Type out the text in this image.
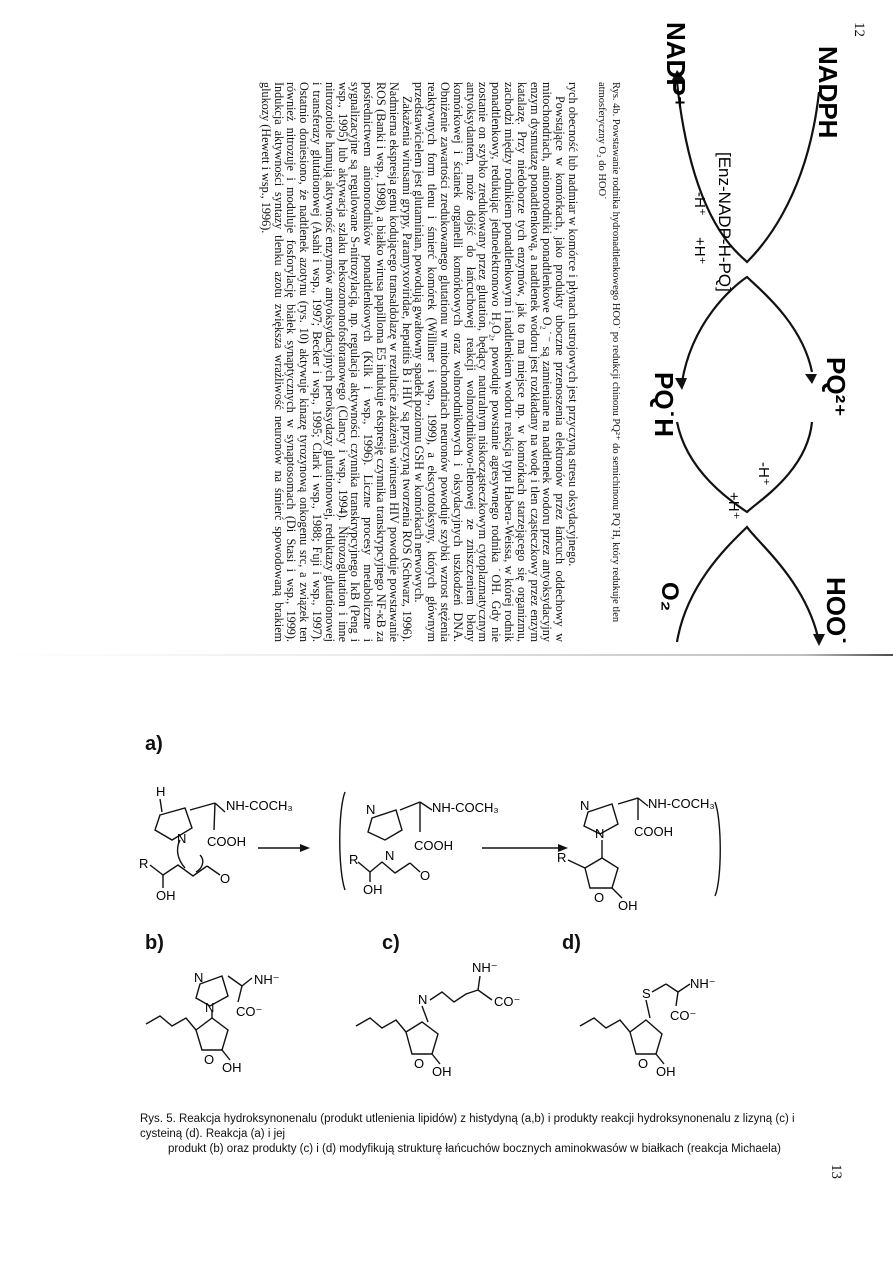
12
NADPH
NADP⁺
[Enz-NADP-H-PQ]
-H⁺
+H⁺
PQ²⁺
PQ˙H
-H⁺
+H⁺
HOO˙
O₂
Rys. 4b. Powstawanie rodnika hydronadtlenkowego HOO˙ po redukcji chinonu PQ²⁺ do semichinonu PQ˙H, który redukuje tlen atmosferyczny O₂ do HOO˙

rych obecność lub nadmiar w komórce i płynach ustrojowych jest przyczyną stresu oksydacyjnego.

Powstające w komórkach, jako produkty uboczne przenoszenia elektronów przez łańcuch oddechowy w mitochondriach, anionorodniki ponadtlenkowe O₂˙⁻ są zamieniane na nadtlenek wodoru przez antyoksydacyjny enzym dysmutazę ponadtlenkową, a nadtlenek wodoru jest rozkładany na wodę i tlen cząsteczkowy przez enzym katalazę. Przy niedoborze tych enzymów, jak to ma miejsce np. w komórkach starzejącego się organizmu, zachodzi między rodnikiem ponadtlenkowym i nadtlenkiem wodoru reakcja typu Habera-Weissa, w której rodnik ponadtlenkowy, redukując jednoelektronowo H₂O₂, powoduje powstanie agresywnego rodnika ˙OH. Gdy nie zostanie on szybko zredukowany przez glutation, będący naturalnym niskocząsteczkowym cytoplazmatycznym antyoksydantem, może dojść do łańcuchowej reakcji wolnorodnikowo-tlenowej ze zniszczeniem błony komórkowej i ścianek organelli komórkowych oraz wolnorodnikowych i oksydacyjnych uszkodzeń DNA. Obniżenie zawartości zredukowanego glutationu w mitochondriach neuronów powoduje szybki wzrost stężenia reaktywnych form tlenu i śmierć komórek (Williner i wsp., 1999), a ekscytotoksyny, których głównym przedstawicielem jest glutaminian, powodują gwałtowny spadek poziomu GSH w komórkach nerwowych.

Zakażenia wirusami grypy, Paramyxoviridae, hepatitis B i HIV są przyczyną tworzenia ROS (Schwarz, 1996). Nadmierna ekspresja genu kodującego transaldolazę w rezultacie zakażenia wirusem HIV powoduje powstawanie ROS (Banki i wsp., 1998), a białko wirusa papilloma E5 indukuje ekspresję czynnika transkrypcyjnego NF-κB za pośrednictwem anionorodników ponadtlenkowych (Kilk i wsp., 1996). Liczne procesy metaboliczne i sygnalizacyjne są regulowane S-nitrozylacją, np. regulacja aktywności czynnika transkrypcyjnego IκB (Peng i wsp., 1995) lub aktywacja szlaku heksozomonofosforanowego (Clancy i wsp., 1994). Nitrozoglutation i inne nitrozotiole hamują aktywność enzymów antyoksydacyjnych peroksydazy glutationowej, reduktazy glutationowej i transferazy glutationowej (Asahi i wsp., 1997; Becker i wsp., 1995; Clark i wsp., 1988; Fuji i wsp., 1997). Ostatnio doniesiono, że nadtlenek azotynu (rys. 10) aktywuje kinazę tyrozynową onkogenu src, a związek ten również nitrozuje i moduluje fosforylację białek synaptycznych w synaptosomach (Di Stasi i wsp., 1999). Indukcja aktywności syntazy tlenku azotu zwiększa wrażliwość neuronów na śmierć spowodowaną brakiem glukozy (Hewett i wsp., 1996).

a)
b)	c)	d)
H
N
NH-COCH₃
COOH
R
O
OH
N
N
NH-COCH₃
COOH
R
O
OH
N
N
NH-COCH₃
COOH
R
O
OH
N
N
NH⁻
CO⁻
O
OH
NH⁻
CO⁻
N
O
OH
S
NH⁻
CO⁻
O
OH
Rys. 5. Reakcja hydroksynonenalu (produkt utlenienia lipidów) z histydyną (a,b) i produkty reakcji hydroksynonenalu z lizyną (c) i cysteiną (d). Reakcja (a) i jej
produkt (b) oraz produkty (c) i (d) modyfikują strukturę łańcuchów bocznych aminokwasów w białkach (reakcja Michaela)
13
